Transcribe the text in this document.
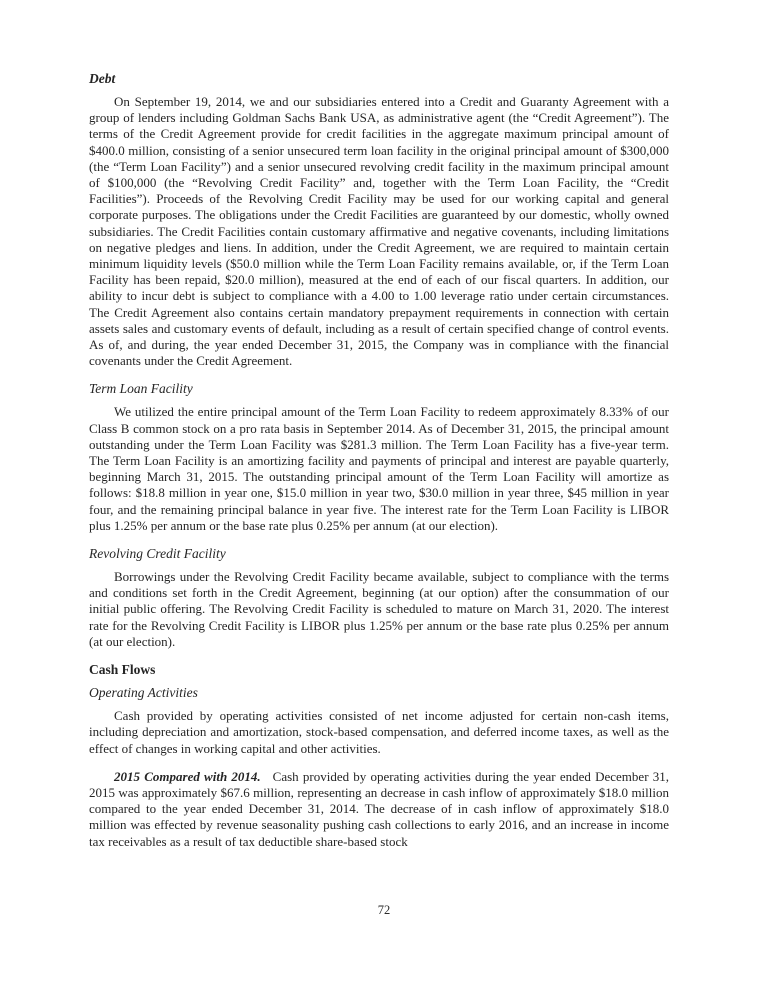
Debt

On September 19, 2014, we and our subsidiaries entered into a Credit and Guaranty Agreement with a group of lenders including Goldman Sachs Bank USA, as administrative agent (the “Credit Agreement”). The terms of the Credit Agreement provide for credit facilities in the aggregate maximum principal amount of $400.0 million, consisting of a senior unsecured term loan facility in the original principal amount of $300,000 (the “Term Loan Facility”) and a senior unsecured revolving credit facility in the maximum principal amount of $100,000 (the “Revolving Credit Facility” and, together with the Term Loan Facility, the “Credit Facilities”). Proceeds of the Revolving Credit Facility may be used for our working capital and general corporate purposes. The obligations under the Credit Facilities are guaranteed by our domestic, wholly owned subsidiaries. The Credit Facilities contain customary affirmative and negative covenants, including limitations on negative pledges and liens. In addition, under the Credit Agreement, we are required to maintain certain minimum liquidity levels ($50.0 million while the Term Loan Facility remains available, or, if the Term Loan Facility has been repaid, $20.0 million), measured at the end of each of our fiscal quarters. In addition, our ability to incur debt is subject to compliance with a 4.00 to 1.00 leverage ratio under certain circumstances. The Credit Agreement also contains certain mandatory prepayment requirements in connection with certain assets sales and customary events of default, including as a result of certain specified change of control events. As of, and during, the year ended December 31, 2015, the Company was in compliance with the financial covenants under the Credit Agreement.

Term Loan Facility

We utilized the entire principal amount of the Term Loan Facility to redeem approximately 8.33% of our Class B common stock on a pro rata basis in September 2014. As of December 31, 2015, the principal amount outstanding under the Term Loan Facility was $281.3 million. The Term Loan Facility has a five-year term. The Term Loan Facility is an amortizing facility and payments of principal and interest are payable quarterly, beginning March 31, 2015. The outstanding principal amount of the Term Loan Facility will amortize as follows: $18.8 million in year one, $15.0 million in year two, $30.0 million in year three, $45 million in year four, and the remaining principal balance in year five. The interest rate for the Term Loan Facility is LIBOR plus 1.25% per annum or the base rate plus 0.25% per annum (at our election).

Revolving Credit Facility

Borrowings under the Revolving Credit Facility became available, subject to compliance with the terms and conditions set forth in the Credit Agreement, beginning (at our option) after the consummation of our initial public offering. The Revolving Credit Facility is scheduled to mature on March 31, 2020. The interest rate for the Revolving Credit Facility is LIBOR plus 1.25% per annum or the base rate plus 0.25% per annum (at our election).

Cash Flows
Operating Activities

Cash provided by operating activities consisted of net income adjusted for certain non-cash items, including depreciation and amortization, stock-based compensation, and deferred income taxes, as well as the effect of changes in working capital and other activities.

2015 Compared with 2014. Cash provided by operating activities during the year ended December 31, 2015 was approximately $67.6 million, representing an decrease in cash inflow of approximately $18.0 million compared to the year ended December 31, 2014. The decrease of in cash inflow of approximately $18.0 million was effected by revenue seasonality pushing cash collections to early 2016, and an increase in income tax receivables as a result of tax deductible share-based stock

72
